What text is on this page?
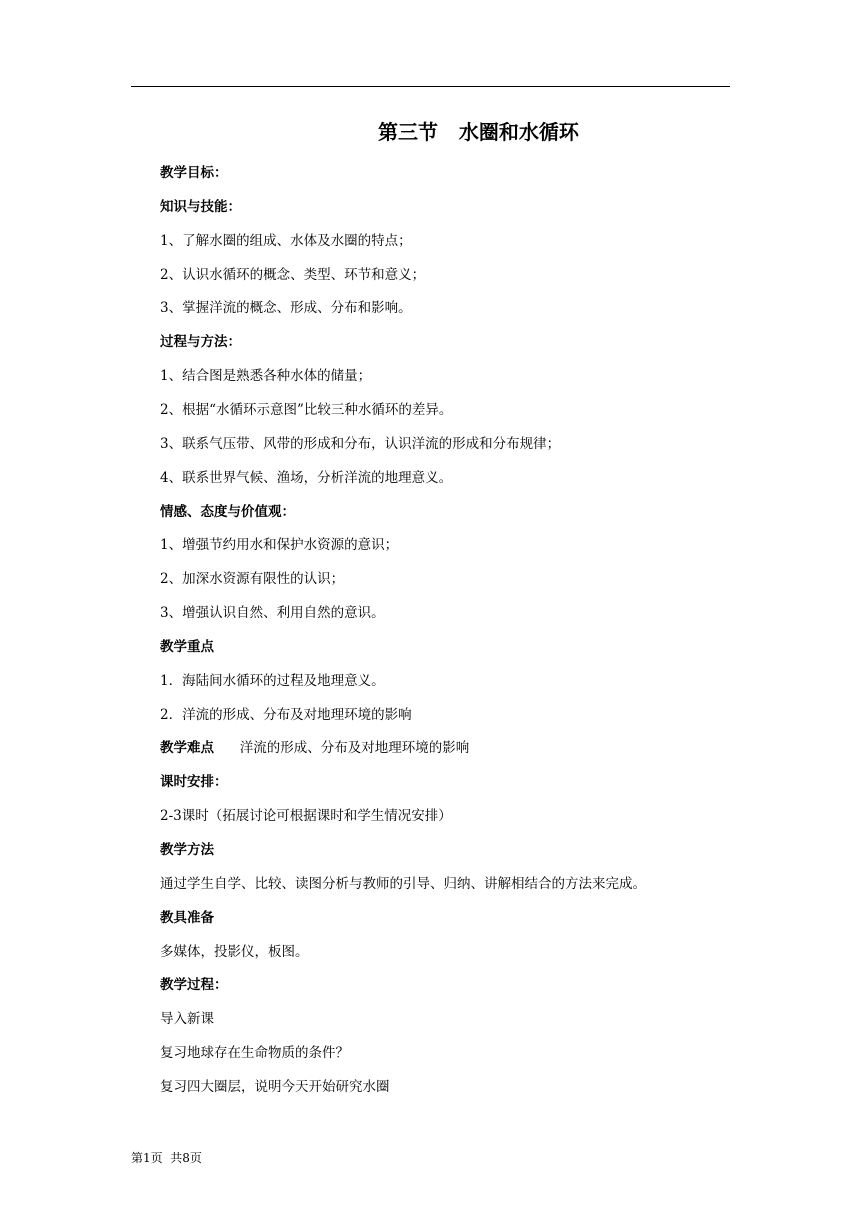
第三节   水圈和水循环
教学目标：
知识与技能：
1、了解水圈的组成、水体及水圈的特点；
2、认识水循环的概念、类型、环节和意义；
3、掌握洋流的概念、形成、分布和影响。
过程与方法：
1、结合图是熟悉各种水体的储量；
2、根据“水循环示意图”比较三种水循环的差异。
3、联系气压带、风带的形成和分布，认识洋流的形成和分布规律；
4、联系世界气候、渔场，分析洋流的地理意义。
情感、态度与价值观：
1、增强节约用水和保护水资源的意识；
2、加深水资源有限性的认识；
3、增强认识自然、利用自然的意识。
教学重点
1．海陆间水循环的过程及地理意义。
2．洋流的形成、分布及对地理环境的影响
教学难点      洋流的形成、分布及对地理环境的影响
课时安排：
2-3课时（拓展讨论可根据课时和学生情况安排）
教学方法
通过学生自学、比较、读图分析与教师的引导、归纳、讲解相结合的方法来完成。
教具准备
多媒体，投影仪，板图。
教学过程：
导入新课
复习地球存在生命物质的条件？
复习四大圈层，说明今天开始研究水圈
第1页  共8页
